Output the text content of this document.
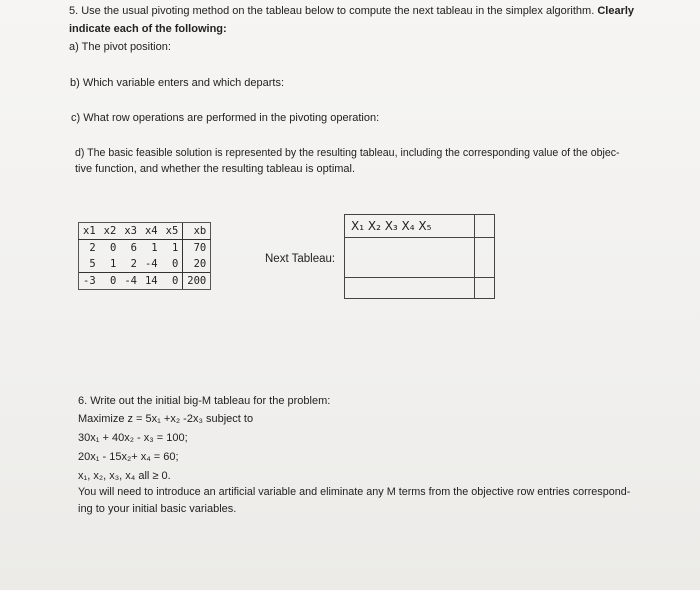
5. Use the usual pivoting method on the tableau below to compute the next tableau in the simplex algorithm. Clearly
indicate each of the following:
a) The pivot position:
b) Which variable enters and which departs:
c) What row operations are performed in the pivoting operation:
d) The basic feasible solution is represented by the resulting tableau, including the corresponding value of the objec-
tive function, and whether the resulting tableau is optimal.
x1	x2	x3	x4	x5	xb
2	0	6	1	1	70
5	1	2	-4	0	20
-3	0	-4	14	0	200
Next Tableau:
X₁ X₂ X₃ X₄ X₅
6. Write out the initial big-M tableau for the problem:
Maximize z = 5x₁ +x₂ -2x₃ subject to
30x₁ + 40x₂ - x₃ = 100;
20x₁ - 15x₂+ x₄ = 60;
x₁, x₂, x₃, x₄ all ≥ 0.
You will need to introduce an artificial variable and eliminate any M terms from the objective row entries correspond-
ing to your initial basic variables.
